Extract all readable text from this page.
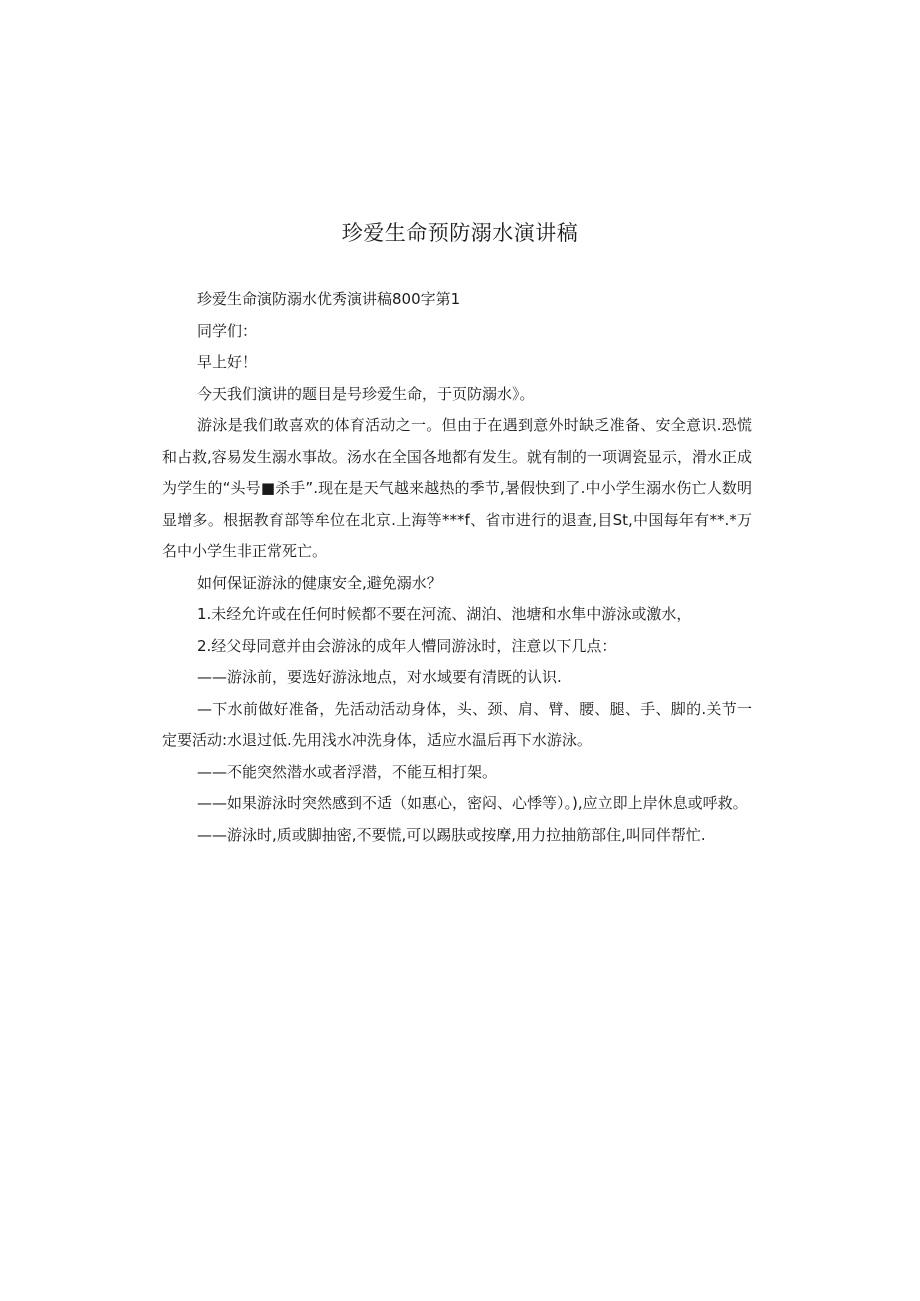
珍爱生命预防溺水演讲稿

珍爱生命演防溺水优秀演讲稿800字第1

同学们：

早上好！

今天我们演讲的题目是号珍爱生命，于页防溺水》。

游泳是我们敢喜欢的体育活动之一。但由于在遇到意外时缺乏准备、安全意识.恐慌和占救,容易发生溺水事故。汤水在全国各地都有发生。就有制的一项调瓷显示，滑水正成为学生的“头号■杀手”.现在是天气越来越热的季节,暑假快到了.中小学生溺水伤亡人数明显增多。根据教育部等牟位在北京.上海等***f、省市进行的退查,目St,中国每年有**.*万名中小学生非正常死亡。

如何保证游泳的健康安全,避免溺水？

1.未经允许或在任何时候都不要在河流、湖泊、池塘和水隼中游泳或激水，

2.经父母同意并由会游泳的成年人懵同游泳时，注意以下几点：

——游泳前，要选好游泳地点，对水域要有清既的认识.

—下水前做好准备，先活动活动身体，头、颈、肩、臂、腰、腿、手、脚的.关节一定要活动:水退过低.先用浅水冲洗身体，适应水温后再下水游泳。

——不能突然潜水或者浮潜，不能互相打架。

——如果游泳时突然感到不适（如惠心，密闷、心悸等）。),应立即上岸休息或呼救。

——游泳时,质或脚抽密,不要慌,可以踢肤或按摩,用力拉抽筋部住,叫同伴帮忙.
